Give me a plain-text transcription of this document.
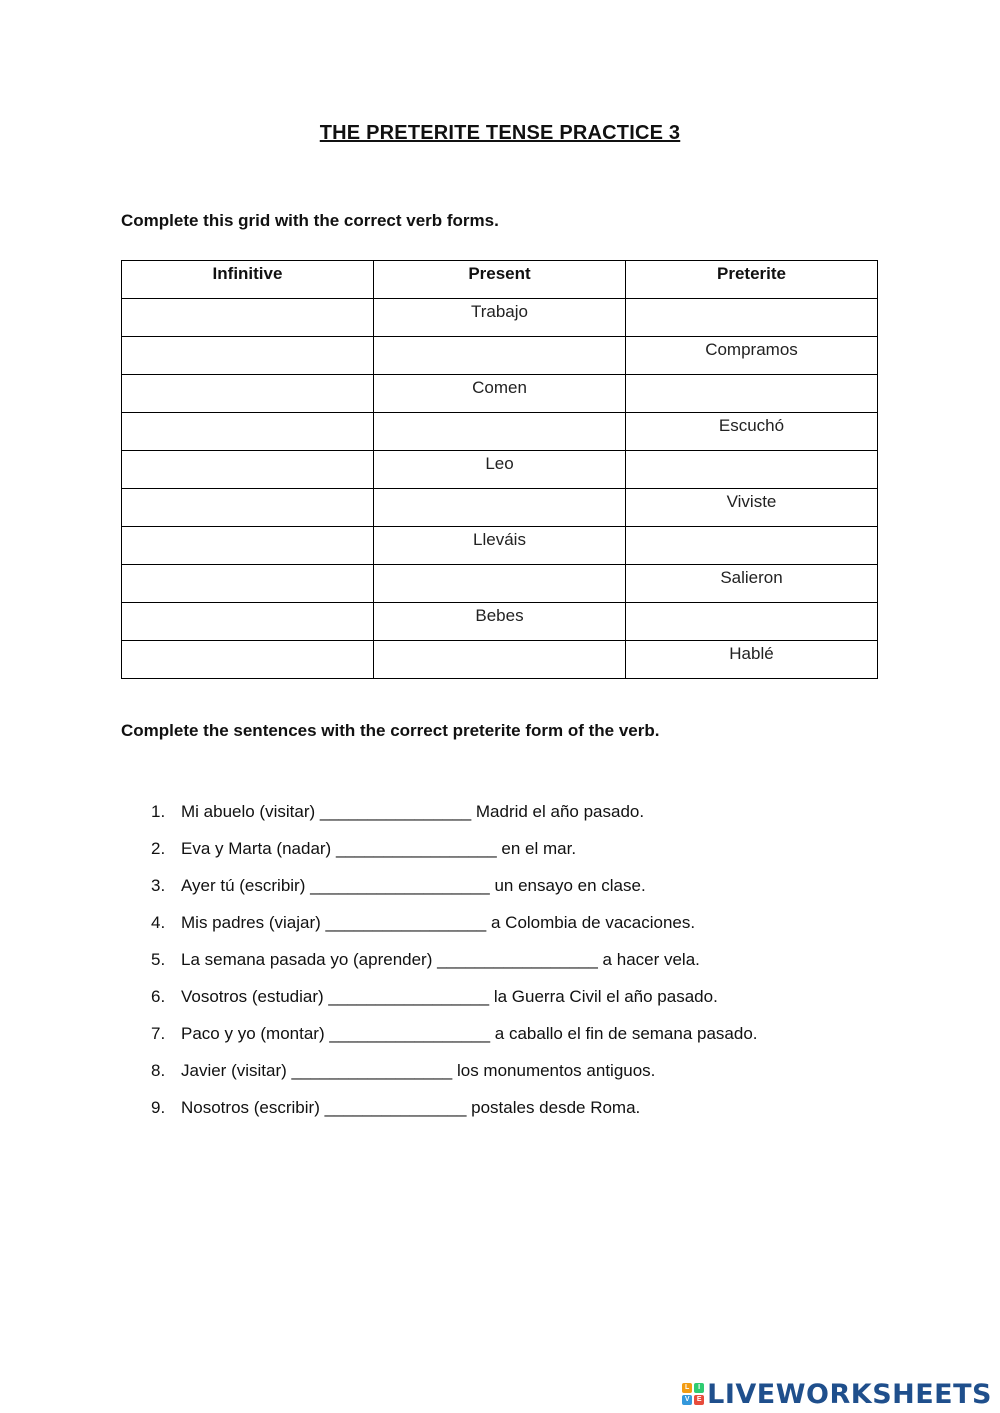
THE PRETERITE TENSE PRACTICE 3
Complete this grid with the correct verb forms.
Infinitive	Present	Preterite
	Trabajo	
		Compramos
	Comen	
		Escuchó
	Leo	
		Viviste
	Lleváis	
		Salieron
	Bebes	
		Hablé
Complete the sentences with the correct preterite form of the verb.
1. Mi abuelo (visitar) ________________ Madrid el año pasado.
2. Eva y Marta (nadar) _________________ en el mar.
3. Ayer tú (escribir) ___________________ un ensayo en clase.
4. Mis padres (viajar) _________________ a Colombia de vacaciones.
5. La semana pasada yo (aprender) _________________ a hacer vela.
6. Vosotros (estudiar) _________________ la Guerra Civil el año pasado.
7. Paco y yo (montar) _________________ a caballo el fin de semana pasado.
8. Javier (visitar) _________________ los monumentos antiguos.
9. Nosotros (escribir) _______________ postales desde Roma.
L	I
V	E LIVEWORKSHEETS
